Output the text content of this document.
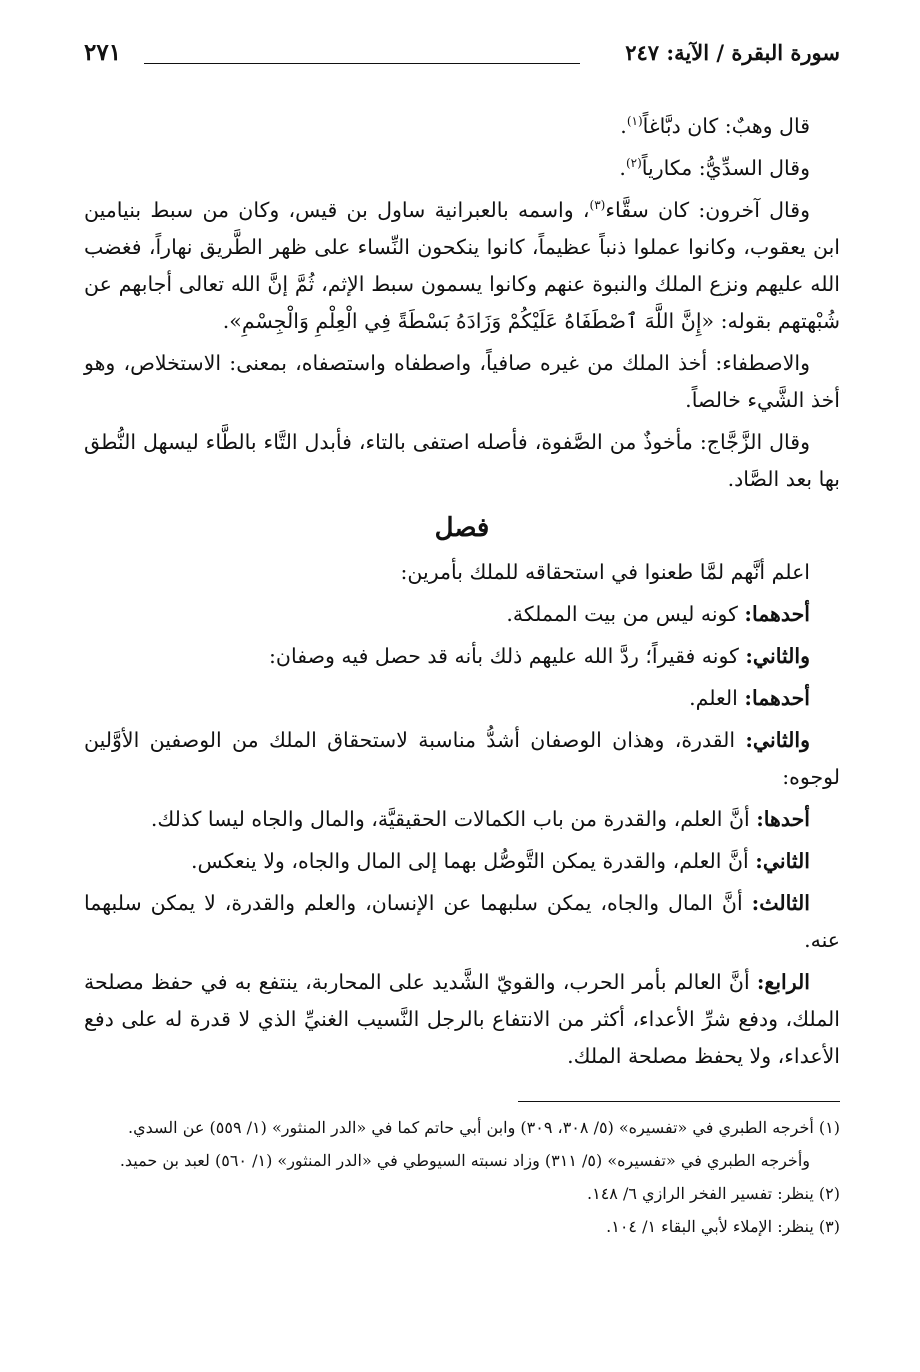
سورة البقرة / الآية: ٢٤٧
٢٧١

قال وهبٌ: كان دبَّاغاً$^{(١)}$.

وقال السدِّيُّ: مكارياً$^{(٢)}$.

وقال آخرون: كان سقَّاء$^{(٣)}$، واسمه بالعبرانية ساول بن قيس، وكان من سبط بنيامين ابن يعقوب، وكانوا عملوا ذنباً عظيماً، كانوا ينكحون النِّساء على ظهر الطَّريق نهاراً، فغضب الله عليهم ونزع الملك والنبوة عنهم وكانوا يسمون سبط الإثم، ثُمَّ إنَّ الله تعالى أجابهم عن شُبْهتهم بقوله: «إِنَّ اللَّهَ ٱصْطَفَاهُ عَلَيْكُمْ وَزَادَهُ بَسْطَةً فِي الْعِلْمِ وَالْجِسْمِ».

والاصطفاء: أخذ الملك من غيره صافياً، واصطفاه واستصفاه، بمعنى: الاستخلاص، وهو أخذ الشَّيء خالصاً.

وقال الزَّجَّاج: مأخوذٌ من الصَّفوة، فأصله اصتفى بالتاء، فأبدل التَّاء بالطَّاء ليسهل النُّطق بها بعد الصَّاد.

فصل

اعلم أنَّهم لمَّا طعنوا في استحقاقه للملك بأمرين:

أحدهما: كونه ليس من بيت المملكة.

والثاني: كونه فقيراً؛ ردَّ الله عليهم ذلك بأنه قد حصل فيه وصفان:

أحدهما: العلم.

والثاني: القدرة، وهذان الوصفان أشدُّ مناسبة لاستحقاق الملك من الوصفين الأوَّلين لوجوه:

أحدها: أنَّ العلم، والقدرة من باب الكمالات الحقيقيَّة، والمال والجاه ليسا كذلك.

الثاني: أنَّ العلم، والقدرة يمكن التَّوصُّل بهما إلى المال والجاه، ولا ينعكس.

الثالث: أنَّ المال والجاه، يمكن سلبهما عن الإنسان، والعلم والقدرة، لا يمكن سلبهما عنه.

الرابع: أنَّ العالم بأمر الحرب، والقويّ الشَّديد على المحاربة، ينتفع به في حفظ مصلحة الملك، ودفع شرِّ الأعداء، أكثر من الانتفاع بالرجل النَّسيب الغنيِّ الذي لا قدرة له على دفع الأعداء، ولا يحفظ مصلحة الملك.

(١) أخرجه الطبري في «تفسيره» (٥/ ٣٠٨، ٣٠٩) وابن أبي حاتم كما في «الدر المنثور» (١/ ٥٥٩) عن السدي.

وأخرجه الطبري في «تفسيره» (٥/ ٣١١) وزاد نسبته السيوطي في «الدر المنثور» (١/ ٥٦٠) لعبد بن حميد.

(٢) ينظر: تفسير الفخر الرازي ٦/ ١٤٨.

(٣) ينظر: الإملاء لأبي البقاء ١/ ١٠٤.
